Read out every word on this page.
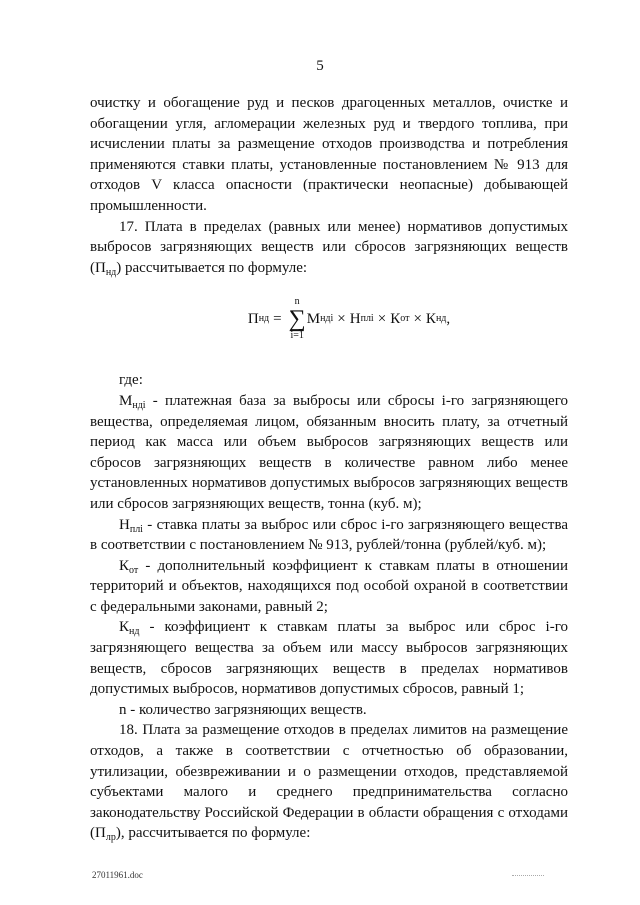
5

очистку и обогащение руд и песков драгоценных металлов, очистке и обогащении угля, агломерации железных руд и твердого топлива, при исчислении платы за размещение отходов производства и потребления применяются ставки платы, установленные постановлением № 913 для отходов V класса опасности (практически неопасные) добывающей промышленности.

17. Плата в пределах (равных или менее) нормативов допустимых выбросов загрязняющих веществ или сбросов загрязняющих веществ $(П_{нд})$ рассчитывается по формуле:

П нд =
n
∑
i=1
М ндi × Н плi × К от × К нд ,

где:

$М_{ндi}$ - платежная база за выбросы или сбросы i-го загрязняющего вещества, определяемая лицом, обязанным вносить плату, за отчетный период как масса или объем выбросов загрязняющих веществ или сбросов загрязняющих веществ в количестве равном либо менее установленных нормативов допустимых выбросов загрязняющих веществ или сбросов загрязняющих веществ, тонна (куб. м);

$Н_{плi}$ - ставка платы за выброс или сброс i-го загрязняющего вещества в соответствии с постановлением № 913, рублей/тонна (рублей/куб. м);

$К_{от}$ - дополнительный коэффициент к ставкам платы в отношении территорий и объектов, находящихся под особой охраной в соответствии с федеральными законами, равный 2;

$К_{нд}$ - коэффициент к ставкам платы за выброс или сброс i-го загрязняющего вещества за объем или массу выбросов загрязняющих веществ, сбросов загрязняющих веществ в пределах нормативов допустимых выбросов, нормативов допустимых сбросов, равный 1;

n - количество загрязняющих веществ.

18. Плата за размещение отходов в пределах лимитов на размещение отходов, а также в соответствии с отчетностью об образовании, утилизации, обезвреживании и о размещении отходов, представляемой субъектами малого и среднего предпринимательства согласно законодательству Российской Федерации в области обращения с отходами $(П_{лр})$, рассчитывается по формуле:

27011961.doc
